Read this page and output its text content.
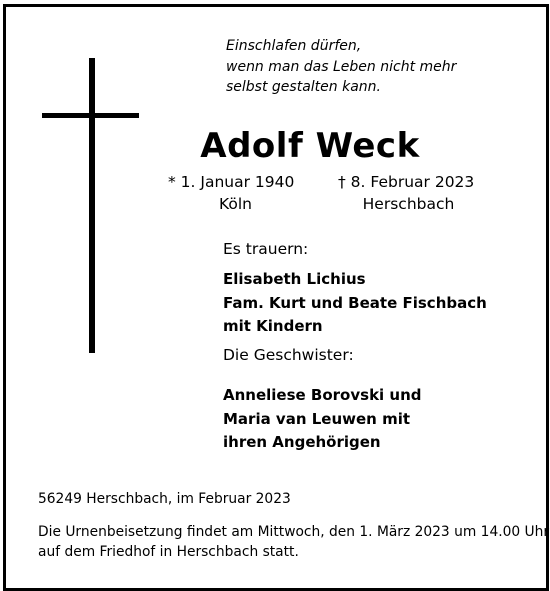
Einschlafen dürfen,
wenn man das Leben nicht mehr
selbst gestalten kann.
Adolf Weck
* 1. Januar 1940
Köln
† 8. Februar 2023
Herschbach
Es trauern:
Elisabeth Lichius
Fam. Kurt und Beate Fischbach
mit Kindern
Die Geschwister:
Anneliese Borovski und
Maria van Leuwen mit
ihren Angehörigen
56249 Herschbach, im Februar 2023
Die Urnenbeisetzung findet am Mittwoch, den 1. März 2023 um 14.00 Uhr
auf dem Friedhof in Herschbach statt.
